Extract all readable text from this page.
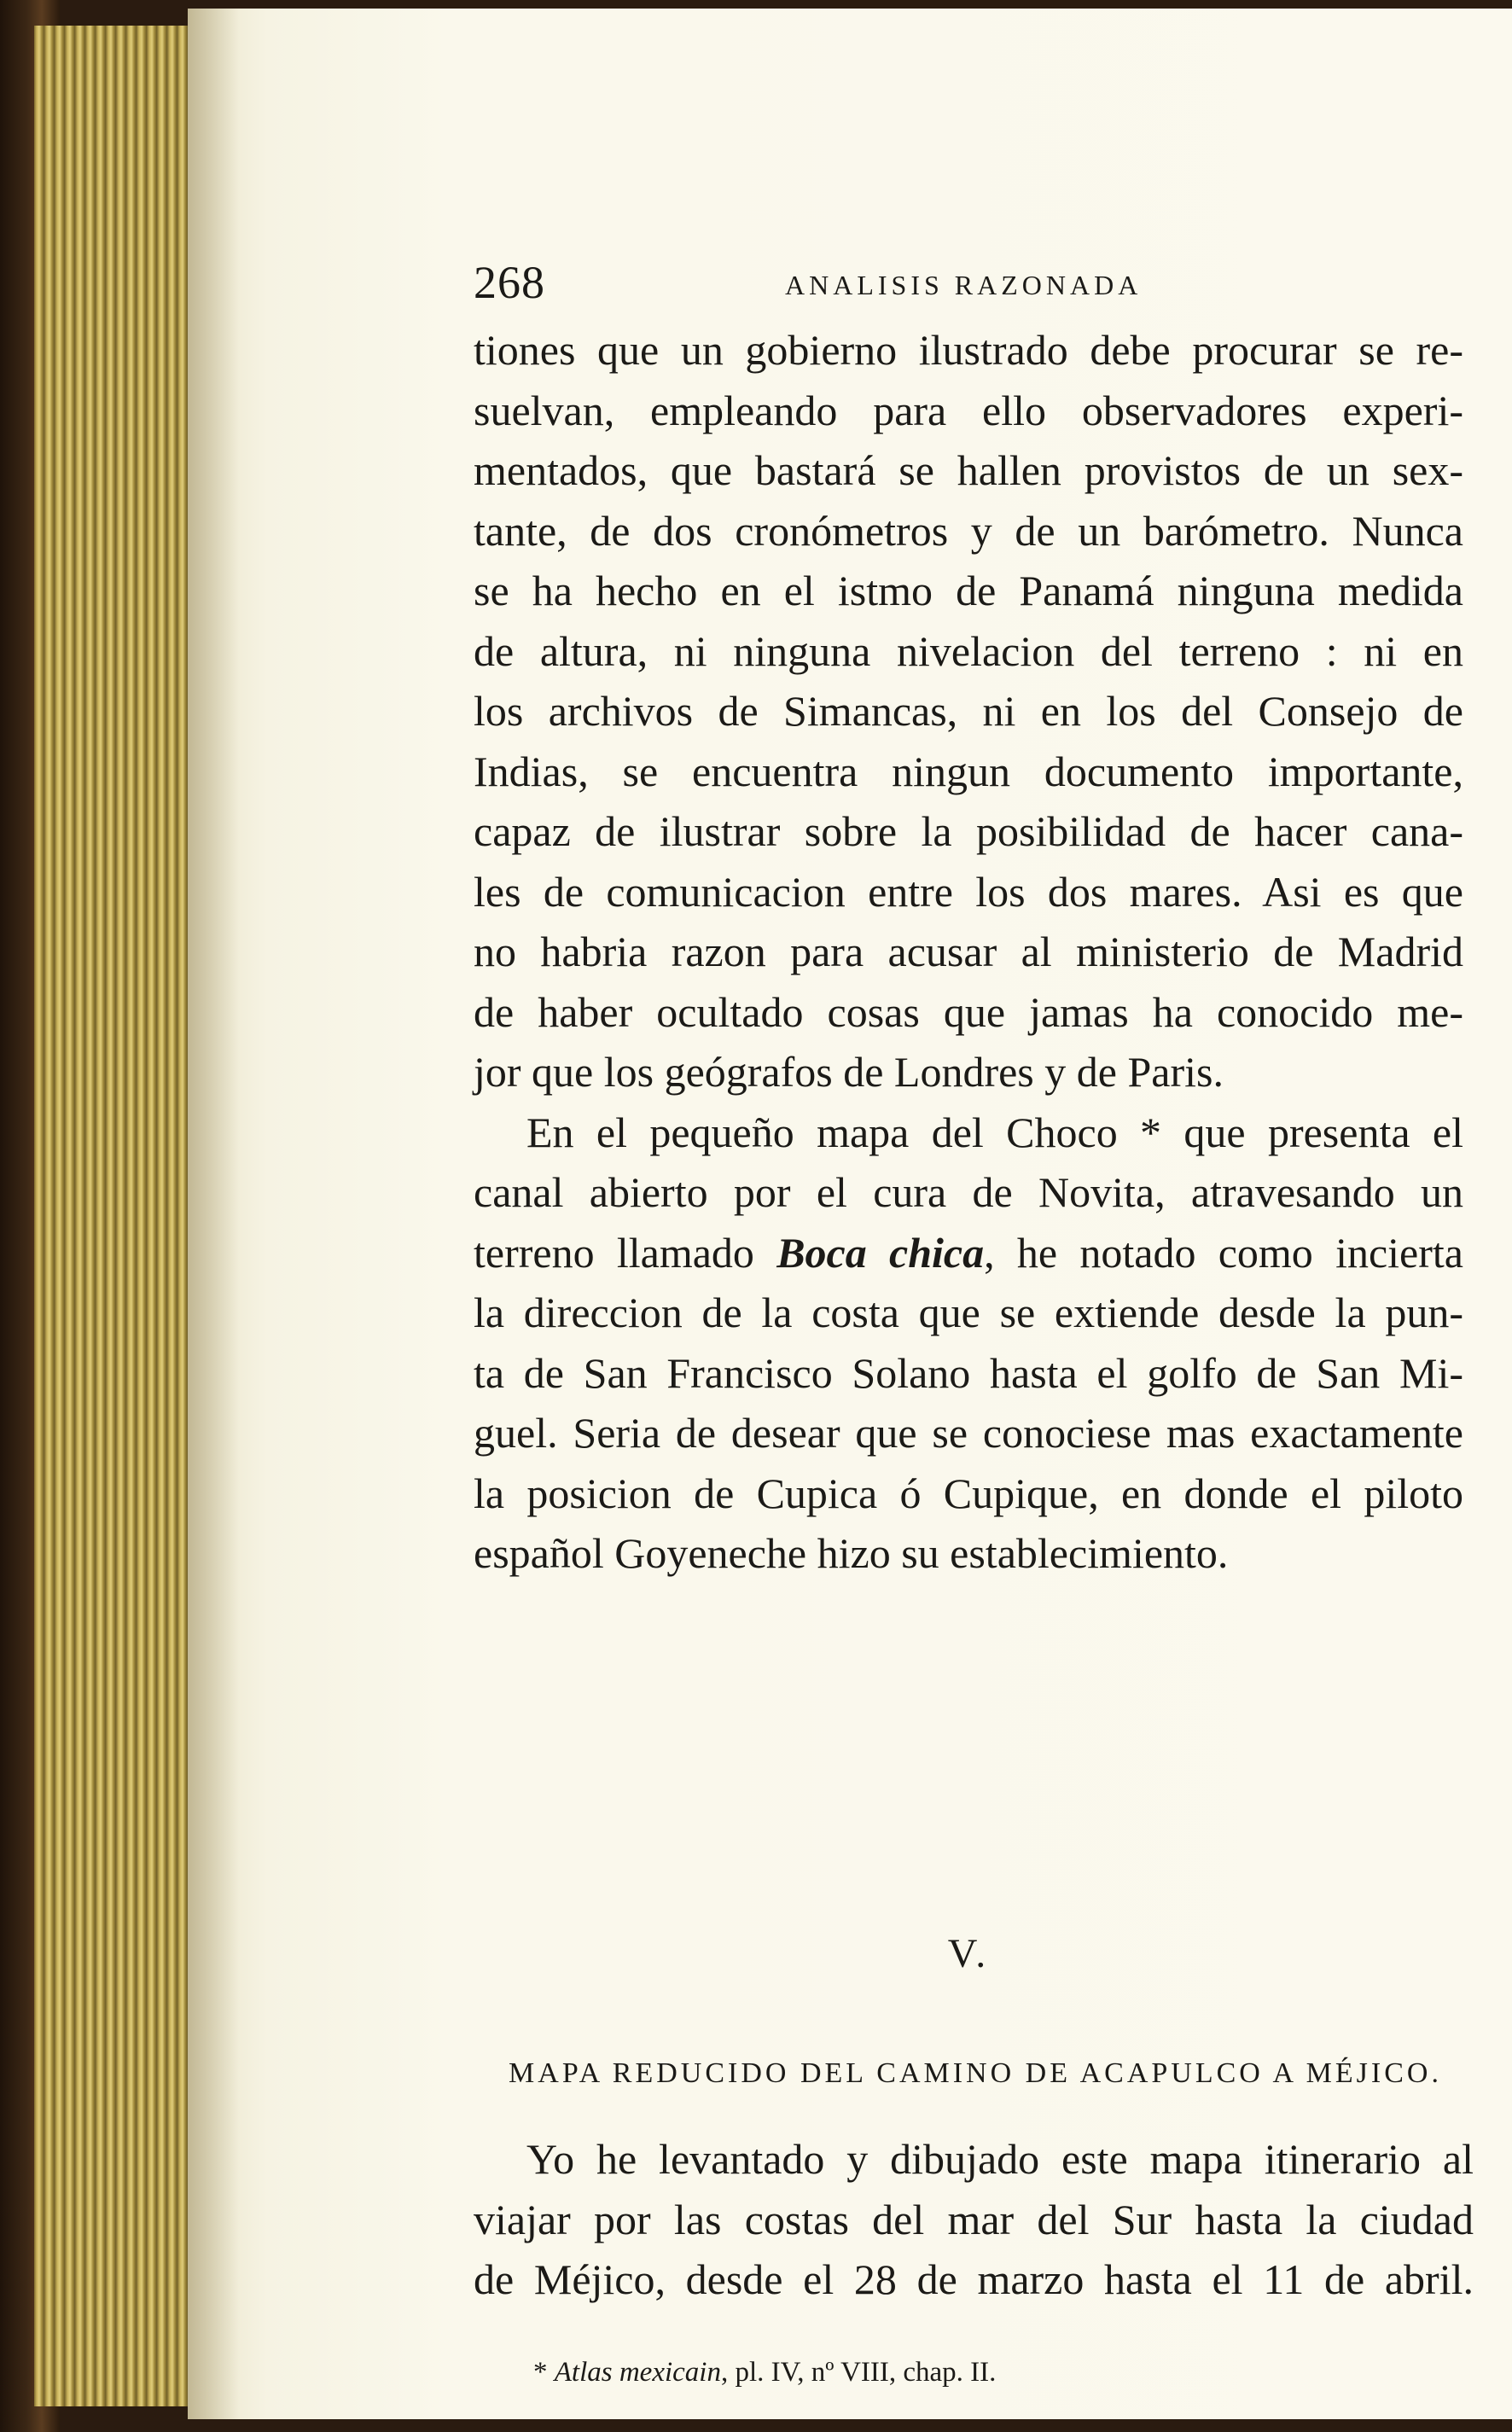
268	ANALISIS RAZONADA
tiones que un gobierno ilustrado debe procurar se re-
suelvan, empleando para ello observadores experi-
mentados, que bastará se hallen provistos de un sex-
tante, de dos cronómetros y de un barómetro. Nunca
se ha hecho en el istmo de Panamá ninguna medida
de altura, ni ninguna nivelacion del terreno : ni en
los archivos de Simancas, ni en los del Consejo de
Indias, se encuentra ningun documento importante,
capaz de ilustrar sobre la posibilidad de hacer cana-
les de comunicacion entre los dos mares. Asi es que
no habria razon para acusar al ministerio de Madrid
de haber ocultado cosas que jamas ha conocido me-
jor que los geógrafos de Londres y de Paris.
En el pequeño mapa del Choco * que presenta el
canal abierto por el cura de Novita, atravesando un
terreno llamado Boca chica, he notado como incierta
la direccion de la costa que se extiende desde la pun-
ta de San Francisco Solano hasta el golfo de San Mi-
guel. Seria de desear que se conociese mas exactamente
la posicion de Cupica ó Cupique, en donde el piloto
español Goyeneche hizo su establecimiento.
V.
MAPA REDUCIDO DEL CAMINO DE ACAPULCO A MÉJICO.
Yo he levantado y dibujado este mapa itinerario al
viajar por las costas del mar del Sur hasta la ciudad
de Méjico, desde el 28 de marzo hasta el 11 de abril.
* Atlas mexicain, pl. IV, nº VIII, chap. II.
